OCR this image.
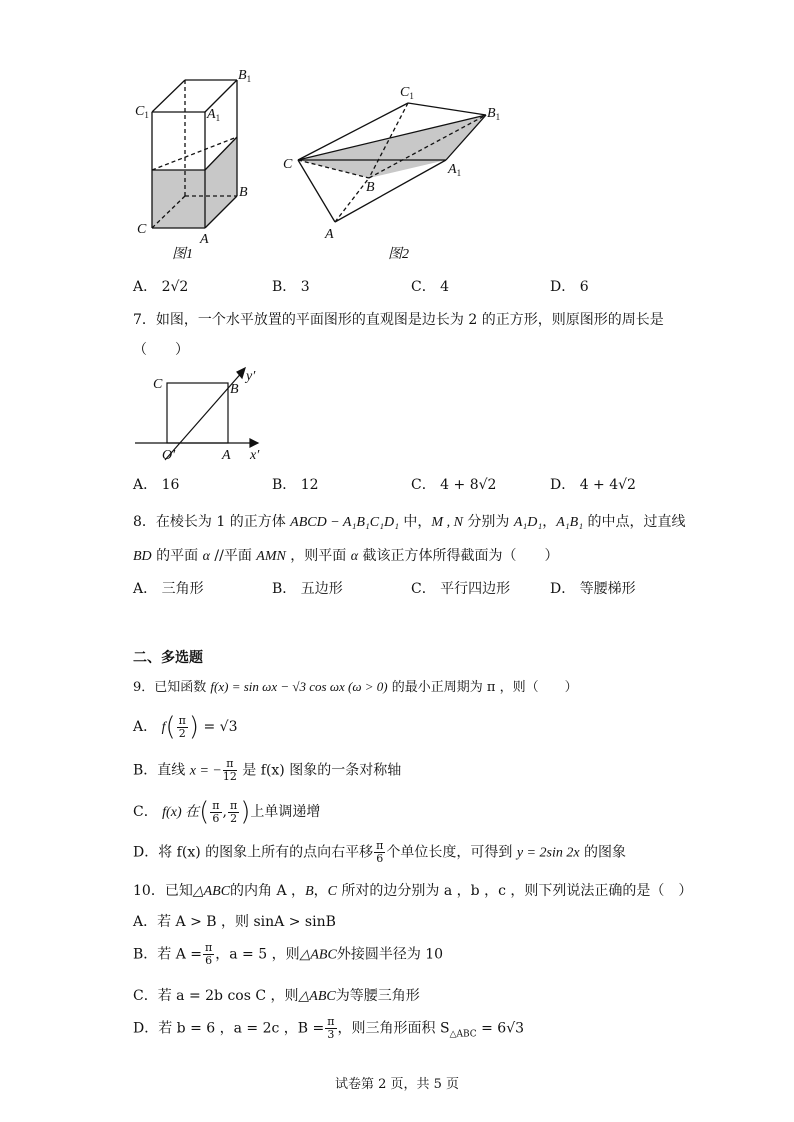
$B_1$
$C_1$	$A_1$
B
C
A
图1
$C_1$
$B_1$
C	$A_1$
B
A
图2
A． 2√2	B． 3	C． 4	D． 6
7．如图，一个水平放置的平面图形的直观图是边长为 2 的正方形，则原图形的周长是
（　　）
C	B
y′
O′	A x′
A． 16	B． 12	C． 4 + 8√2	D． 4 + 4√2
8．在棱长为 1 的正方体 ABCD − A₁B₁C₁D₁ 中，M , N 分别为 A₁D₁，A₁B₁ 的中点，过直线
BD 的平面 α //平面 AMN ，则平面 α 截该正方体所得截面为（　　）
A． 三角形	B． 五边形	C． 平行四边形	D． 等腰梯形
二、多选题
9．已知函数 f(x) = sin ωx − √3 cos ωx (ω > 0) 的最小正周期为 π ，则（　　）
A． $f( \frac{\pi}{2}$ ) = √3
B．直线 x = − $\frac{\pi}{12}$ 是 f(x) 图象的一条对称轴
C． f(x) 在( $\frac{\pi}{6}$ , $\frac{\pi}{2}$ )上单调递增
D．将 f(x) 的图象上所有的点向右平移 $\frac{\pi}{6}$ 个单位长度，可得到 y = 2sin 2x 的图象
10．已知△ABC的内角 A ，B，C 所对的边分别为 a ，b ，c ，则下列说法正确的是（　）
A．若 A > B ，则 sinA > sinB
B．若 $A = \frac{\pi}{6}$ ，a = 5 ，则△ABC外接圆半径为 10
C．若 a = 2b cos C ，则△ABC为等腰三角形
D．若 b = 6 ，a = 2c ，$B = \frac{\pi}{3}$ ，则三角形面积 $S_{\triangle ABC} = 6√3$
试卷第 2 页，共 5 页
